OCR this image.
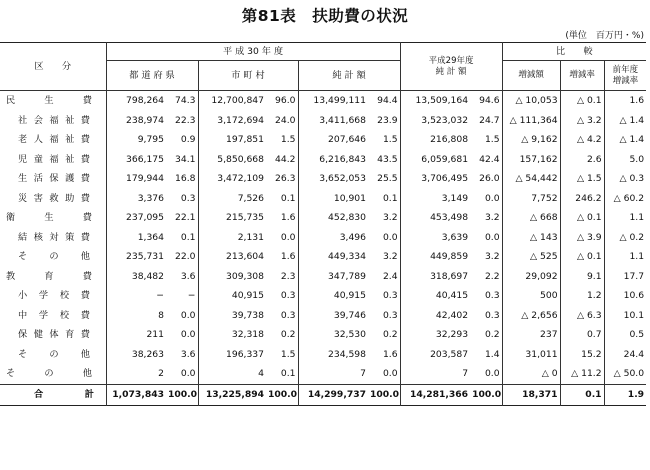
第81表　扶助費の状況
(単位　百万円・%)
区　　分	平 成 30 年 度						平成29年度
純 計 額		比　　較		
	都 道 府 県		市 町 村		純 計 額				増減額	増減率	前年度
増減率

民生費	798,264	74.3	12,700,847	96.0	13,499,111	94.4	13,509,164	94.6	△ 10,053	△ 0.1	1.6
社会福祉費	238,974	22.3	3,172,694	24.0	3,411,668	23.9	3,523,032	24.7	△ 111,364	△ 3.2	△ 1.4
老人福祉費	9,795	0.9	197,851	1.5	207,646	1.5	216,808	1.5	△ 9,162	△ 4.2	△ 1.4
児童福祉費	366,175	34.1	5,850,668	44.2	6,216,843	43.5	6,059,681	42.4	157,162	2.6	5.0
生活保護費	179,944	16.8	3,472,109	26.3	3,652,053	25.5	3,706,495	26.0	△ 54,442	△ 1.5	△ 0.3
災害救助費	3,376	0.3	7,526	0.1	10,901	0.1	3,149	0.0	7,752	246.2	△ 60.2
衛生費	237,095	22.1	215,735	1.6	452,830	3.2	453,498	3.2	△ 668	△ 0.1	1.1
結核対策費	1,364	0.1	2,131	0.0	3,496	0.0	3,639	0.0	△ 143	△ 3.9	△ 0.2
その他	235,731	22.0	213,604	1.6	449,334	3.2	449,859	3.2	△ 525	△ 0.1	1.1
教育費	38,482	3.6	309,308	2.3	347,789	2.4	318,697	2.2	29,092	9.1	17.7
小学校費	−	−	40,915	0.3	40,915	0.3	40,415	0.3	500	1.2	10.6
中学校費	8	0.0	39,738	0.3	39,746	0.3	42,402	0.3	△ 2,656	△ 6.3	10.1
保健体育費	211	0.0	32,318	0.2	32,530	0.2	32,293	0.2	237	0.7	0.5
その他	38,263	3.6	196,337	1.5	234,598	1.6	203,587	1.4	31,011	15.2	24.4
その他	2	0.0	4	0.1	7	0.0	7	0.0	△ 0	△ 11.2	△ 50.0
合計	1,073,843	100.0	13,225,894	100.0	14,299,737	100.0	14,281,366	100.0	18,371	0.1	1.9
